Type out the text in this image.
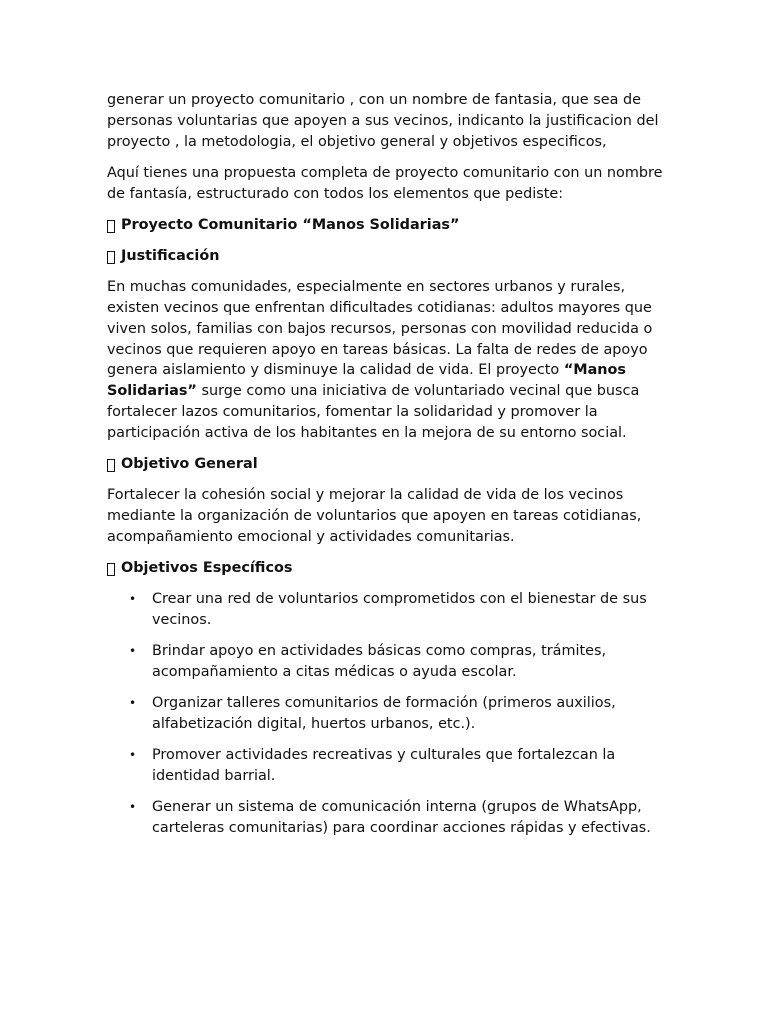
generar un proyecto comunitario , con un nombre de fantasia, que sea de personas voluntarias que apoyen a sus vecinos, indicanto la justificacion del proyecto , la metodologia, el objetivo general y objetivos especificos,

Aquí tienes una propuesta completa de proyecto comunitario con un nombre de fantasía, estructurado con todos los elementos que pediste:

Proyecto Comunitario “Manos Solidarias”
Justificación

En muchas comunidades, especialmente en sectores urbanos y rurales, existen vecinos que enfrentan dificultades cotidianas: adultos mayores que viven solos, familias con bajos recursos, personas con movilidad reducida o vecinos que requieren apoyo en tareas básicas. La falta de redes de apoyo genera aislamiento y disminuye la calidad de vida. El proyecto “Manos Solidarias” surge como una iniciativa de voluntariado vecinal que busca fortalecer lazos comunitarios, fomentar la solidaridad y promover la participación activa de los habitantes en la mejora de su entorno social.

Objetivo General

Fortalecer la cohesión social y mejorar la calidad de vida de los vecinos mediante la organización de voluntarios que apoyen en tareas cotidianas, acompañamiento emocional y actividades comunitarias.

Objetivos Específicos
• Crear una red de voluntarios comprometidos con el bienestar de sus vecinos.
• Brindar apoyo en actividades básicas como compras, trámites, acompañamiento a citas médicas o ayuda escolar.
• Organizar talleres comunitarios de formación (primeros auxilios, alfabetización digital, huertos urbanos, etc.).
• Promover actividades recreativas y culturales que fortalezcan la identidad barrial.
• Generar un sistema de comunicación interna (grupos de WhatsApp, carteleras comunitarias) para coordinar acciones rápidas y efectivas.
